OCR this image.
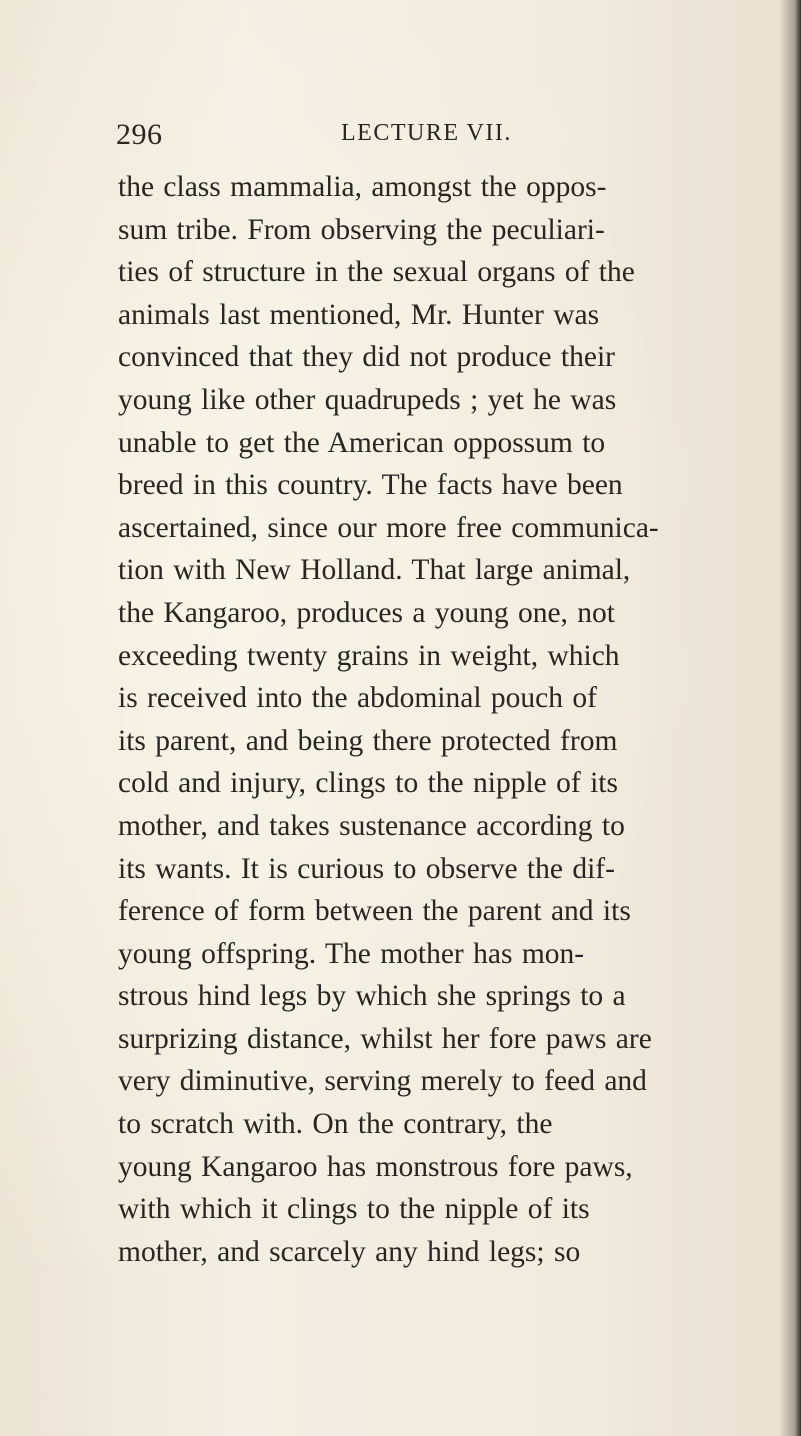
296	LECTURE VII.
the class mammalia, amongst the oppos-
sum tribe. From observing the peculiari-
ties of structure in the sexual organs of the
animals last mentioned, Mr. Hunter was
convinced that they did not produce their
young like other quadrupeds ; yet he was
unable to get the American oppossum to
breed in this country. The facts have been
ascertained, since our more free communica-
tion with New Holland. That large animal,
the Kangaroo, produces a young one, not
exceeding twenty grains in weight, which
is received into the abdominal pouch of
its parent, and being there protected from
cold and injury, clings to the nipple of its
mother, and takes sustenance according to
its wants. It is curious to observe the dif-
ference of form between the parent and its
young offspring. The mother has mon-
strous hind legs by which she springs to a
surprizing distance, whilst her fore paws are
very diminutive, serving merely to feed and
to scratch with. On the contrary, the
young Kangaroo has monstrous fore paws,
with which it clings to the nipple of its
mother, and scarcely any hind legs; so
